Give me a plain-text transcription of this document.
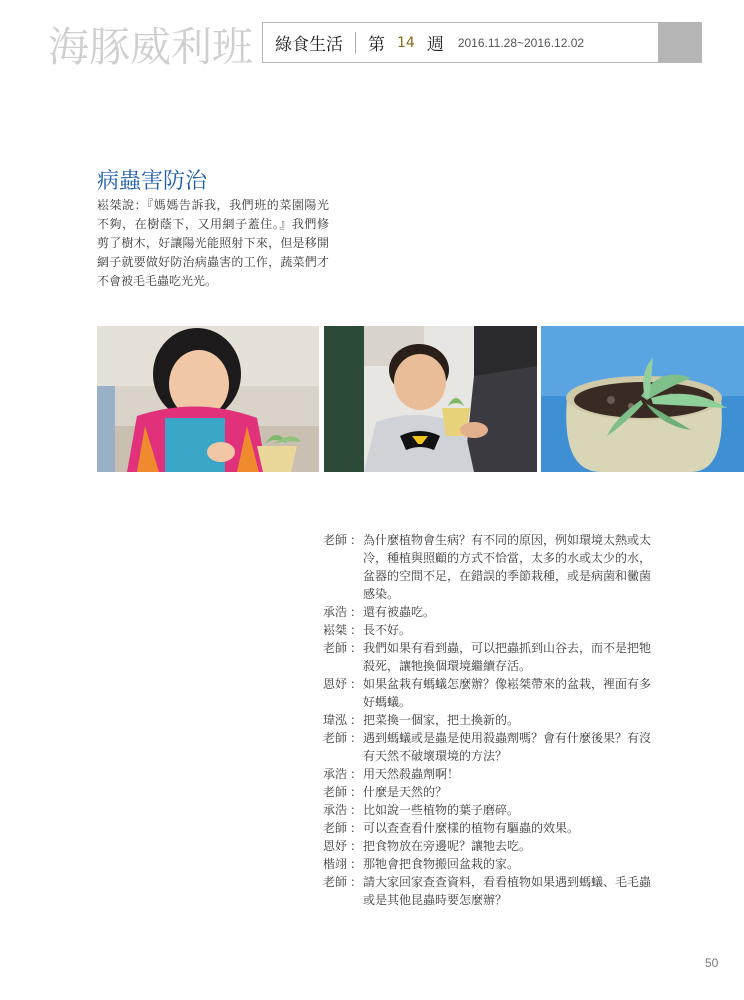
海豚威利班	綠食生活	第 14 週	2016.11.28~2016.12.02
病蟲害防治
崧桀說：『媽媽告訴我，我們班的菜園陽光不夠，在樹蔭下，又用網子蓋住。』我們修剪了樹木，好讓陽光能照射下來，但是移開網子就要做好防治病蟲害的工作，蔬菜們才不會被毛毛蟲吃光光。
老師 ： 為什麼植物會生病？有不同的原因，例如環境太熱或太冷，種植與照顧的方式不恰當，太多的水或太少的水，盆器的空間不足，在錯誤的季節栽種，或是病菌和黴菌感染。
承浩 ： 還有被蟲吃。
崧桀 ： 長不好。
老師 ： 我們如果有看到蟲，可以把蟲抓到山谷去，而不是把牠殺死，讓牠換個環境繼續存活。
恩妤 ： 如果盆栽有螞蟻怎麼辦？像崧桀帶來的盆栽，裡面有多好螞蟻。
瑋泓 ： 把菜換一個家，把土換新的。
老師 ： 遇到螞蟻或是蟲是使用殺蟲劑嗎？會有什麼後果？有沒有天然不破壞環境的方法？
承浩 ： 用天然殺蟲劑啊！
老師 ： 什麼是天然的？
承浩 ： 比如說一些植物的葉子磨碎。
老師 ： 可以查查看什麼樣的植物有驅蟲的效果。
恩妤 ： 把食物放在旁邊呢？讓牠去吃。
楷翊 ： 那牠會把食物搬回盆栽的家。
老師 ： 請大家回家查查資料，看看植物如果遇到螞蟻、毛毛蟲或是其他昆蟲時要怎麼辦？
50
